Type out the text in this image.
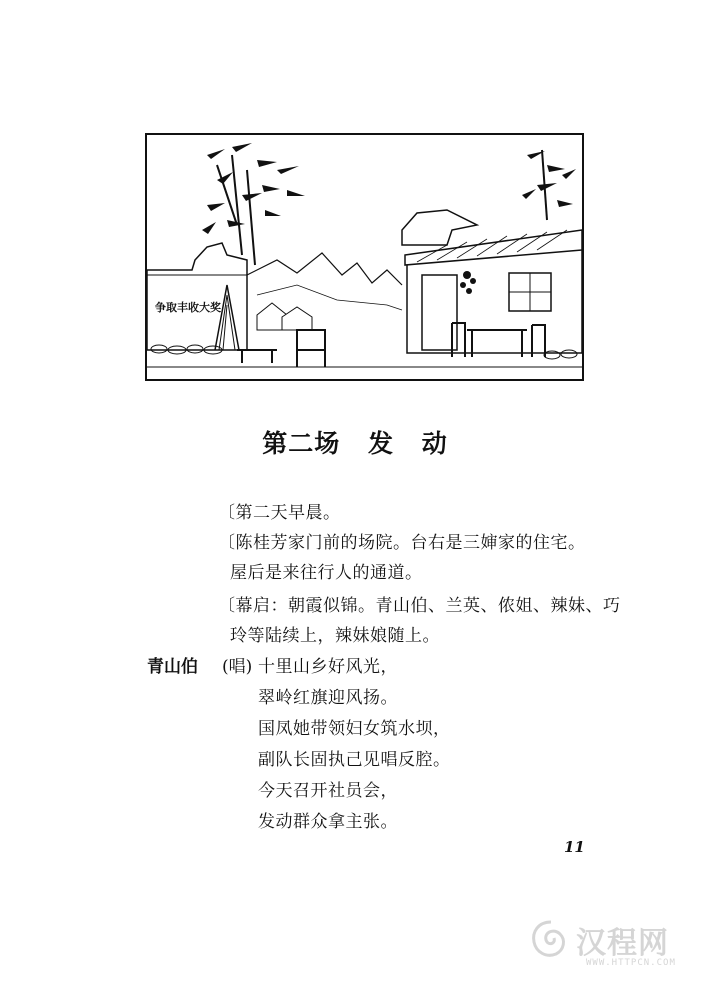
争取丰收大奖
第二场 发 动
〔第二天早晨。
〔陈桂芳家门前的场院。台右是三婶家的住宅。
屋后是来往行人的通道。
〔幕启：朝霞似锦。青山伯、兰英、侬姐、辣妹、巧
玲等陆续上，辣妹娘随上。
青山伯 (唱) 十里山乡好风光，
翠岭红旗迎风扬。
国凤她带领妇女筑水坝，
副队长固执己见唱反腔。
今天召开社员会，
发动群众拿主张。
11
汉程网
WWW.HTTPCN.COM
